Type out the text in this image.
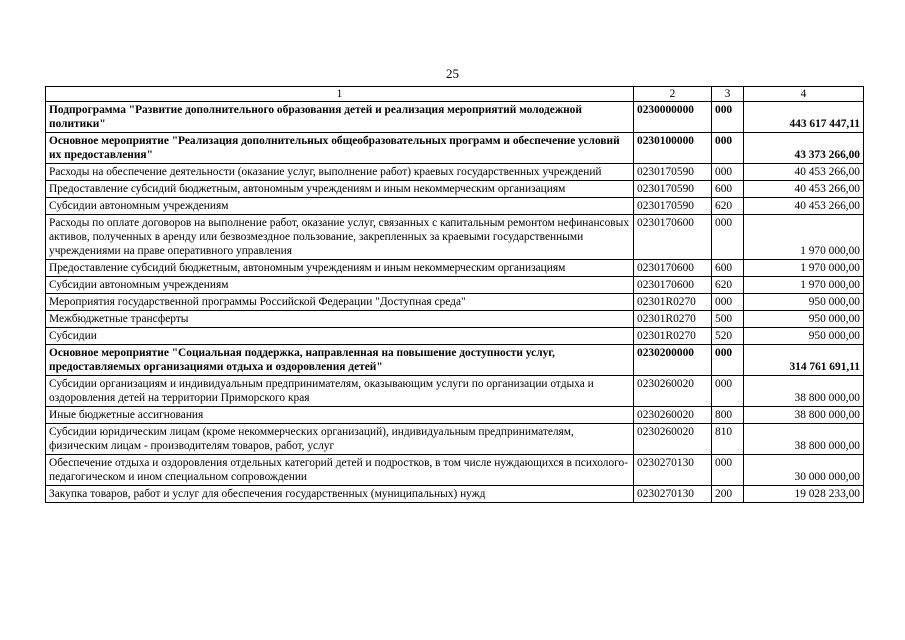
25
1	2	3	4
Подпрограмма "Развитие дополнительного образования детей и реализация мероприятий молодежной политики"	0230000000	000	443 617 447,11
Основное мероприятие "Реализация дополнительных общеобразовательных программ и обеспечение условий их предоставления"	0230100000	000	43 373 266,00
Расходы на обеспечение деятельности (оказание услуг, выполнение работ) краевых государственных учреждений	0230170590	000	40 453 266,00
Предоставление субсидий бюджетным, автономным учреждениям и иным некоммерческим организациям	0230170590	600	40 453 266,00
Субсидии автономным учреждениям	0230170590	620	40 453 266,00
Расходы по оплате договоров на выполнение работ, оказание услуг, связанных с капитальным ремонтом нефинансовых активов, полученных в аренду или безвозмездное пользование, закрепленных за краевыми государственными учреждениями на праве оперативного управления	0230170600	000	1 970 000,00
Предоставление субсидий бюджетным, автономным учреждениям и иным некоммерческим организациям	0230170600	600	1 970 000,00
Субсидии автономным учреждениям	0230170600	620	1 970 000,00
Мероприятия государственной программы Российской Федерации "Доступная среда"	02301R0270	000	950 000,00
Межбюджетные трансферты	02301R0270	500	950 000,00
Субсидии	02301R0270	520	950 000,00
Основное мероприятие "Социальная поддержка, направленная на повышение доступности услуг, предоставляемых организациями отдыха и оздоровления детей"	0230200000	000	314 761 691,11
Субсидии организациям и индивидуальным предпринимателям, оказывающим услуги по организации отдыха и оздоровления детей на территории Приморского края	0230260020	000	38 800 000,00
Иные бюджетные ассигнования	0230260020	800	38 800 000,00
Субсидии юридическим лицам (кроме некоммерческих организаций), индивидуальным предпринимателям, физическим лицам - производителям товаров, работ, услуг	0230260020	810	38 800 000,00
Обеспечение отдыха и оздоровления отдельных категорий детей и подростков, в том числе нуждающихся в психолого-педагогическом и ином специальном сопровождении	0230270130	000	30 000 000,00
Закупка товаров, работ и услуг для обеспечения государственных (муниципальных) нужд	0230270130	200	19 028 233,00
